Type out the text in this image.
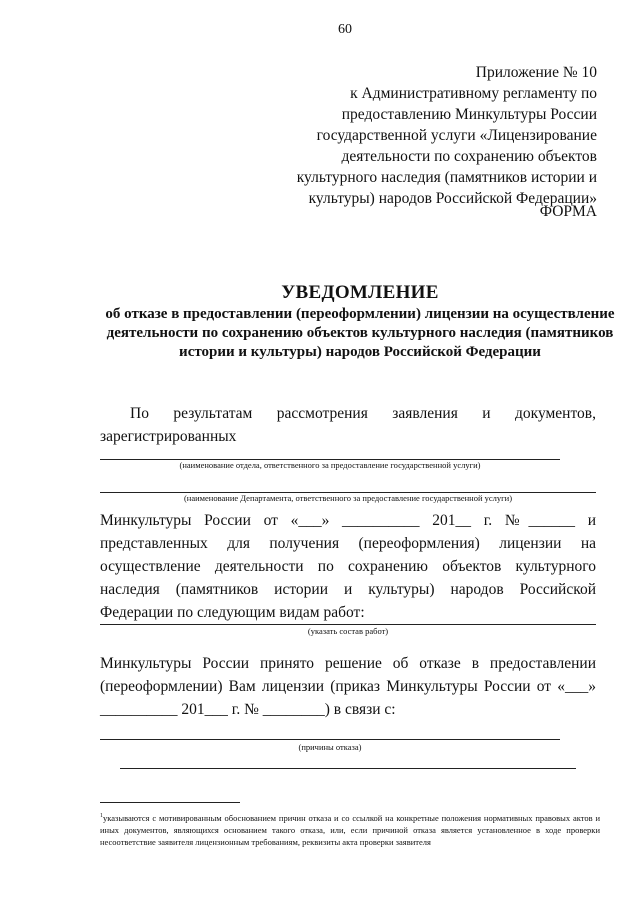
60
Приложение № 10
к Административному регламенту по
предоставлению Минкультуры России
государственной услуги «Лицензирование
деятельности по сохранению объектов
культурного наследия (памятников истории и
культуры) народов Российской Федерации»
ФОРМА
УВЕДОМЛЕНИЕ
об отказе в предоставлении (переоформлении) лицензии на осуществление деятельности по сохранению объектов культурного наследия (памятников истории и культуры) народов Российской Федерации
По результатам рассмотрения заявления и документов, зарегистрированных
(наименование отдела, ответственного за предоставление государственной услуги)
(наименование Департамента, ответственного за предоставление государственной услуги)
Минкультуры России от «___» __________ 201__ г. №______ и представленных для получения (переоформления) лицензии на осуществление деятельности по сохранению объектов культурного наследия (памятников истории и культуры) народов Российской Федерации по следующим видам работ:
(указать состав работ)
Минкультуры России принято решение об отказе в предоставлении (переоформлении) Вам лицензии (приказ Минкультуры России от «___» __________ 201___ г. № ________) в связи с:
(причины отказа)
$^1$указываются с мотивированным обоснованием причин отказа и со ссылкой на конкретные положения нормативных правовых актов и иных документов, являющихся основанием такого отказа, или, если причиной отказа является установленное в ходе проверки несоответствие заявителя лицензионным требованиям, реквизиты акта проверки заявителя
